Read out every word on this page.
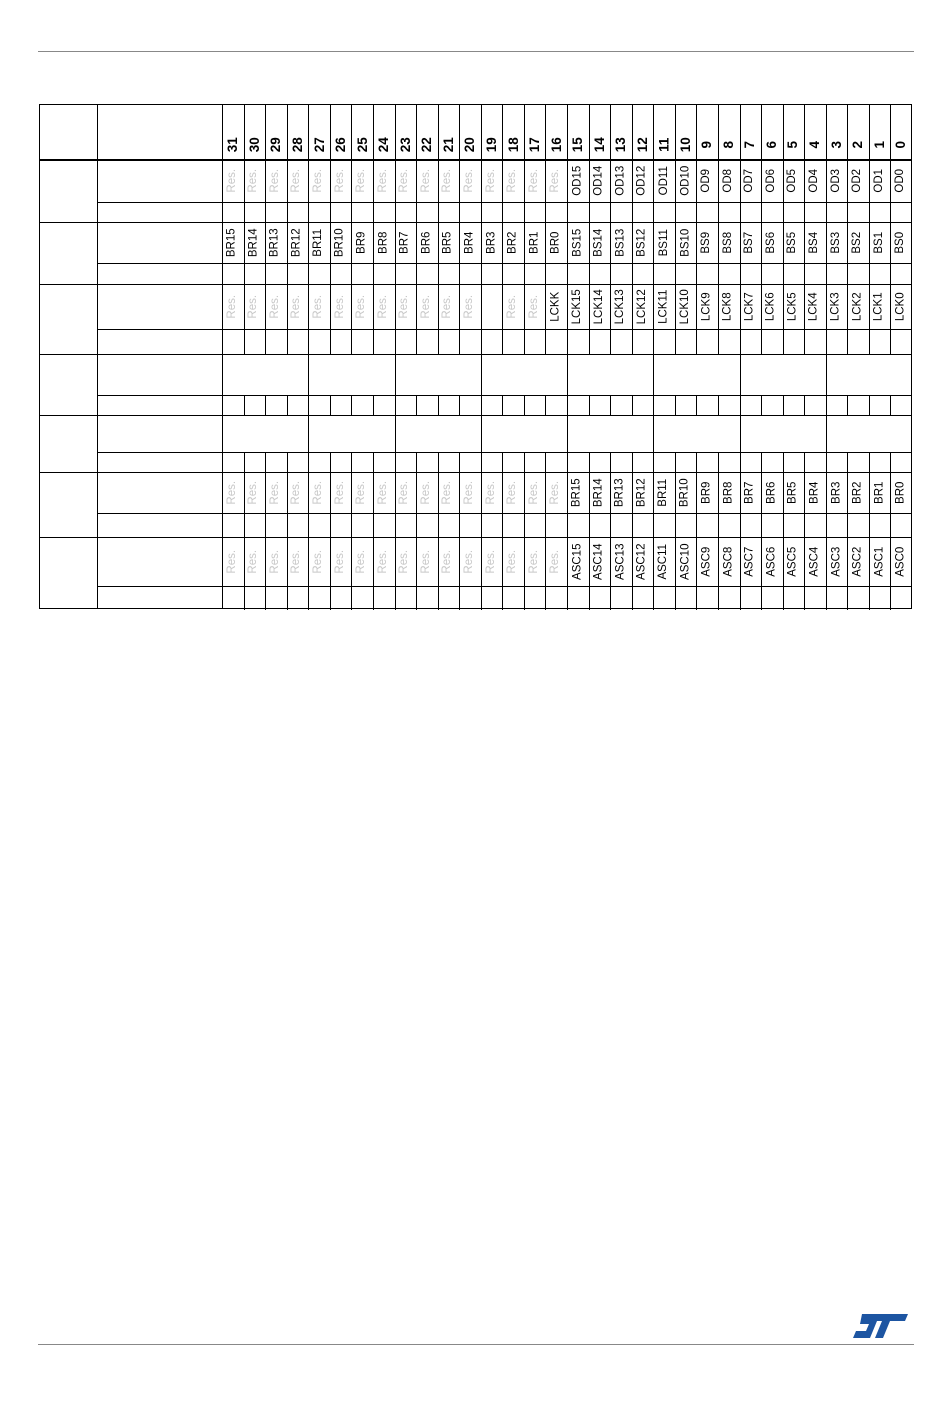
31 30 29 28 27 26 25 24 23 22 21 20 19 18 17 16 15 14 13 12 11 10 9 8 7 6 5 4 3 2 1 0
Res. Res. Res. Res. Res. Res. Res. Res. Res. Res. Res. Res. Res. Res. Res. Res. OD15 OD14 OD13 OD12 OD11 OD10 OD9 OD8 OD7 OD6 OD5 OD4 OD3 OD2 OD1 OD0
BR15 BR14 BR13 BR12 BR11 BR10 BR9 BR8 BR7 BR6 BR5 BR4 BR3 BR2 BR1 BR0 BS15 BS14 BS13 BS12 BS11 BS10 BS9 BS8 BS7 BS6 BS5 BS4 BS3 BS2 BS1 BS0
Res. Res. Res. Res. Res. Res. Res. Res. Res. Res. Res. Res.	Res. Res. LCKK LCK15 LCK14 LCK13 LCK12 LCK11 LCK10 LCK9 LCK8 LCK7 LCK6 LCK5 LCK4 LCK3 LCK2 LCK1 LCK0
Res. Res. Res. Res. Res. Res. Res. Res. Res. Res. Res. Res. Res. Res. Res. Res. BR15 BR14 BR13 BR12 BR11 BR10 BR9 BR8 BR7 BR6 BR5 BR4 BR3 BR2 BR1 BR0
Res. Res. Res. Res. Res. Res. Res. Res. Res. Res. Res. Res. Res. Res. Res. Res. ASC15 ASC14 ASC13 ASC12 ASC11 ASC10 ASC9 ASC8 ASC7 ASC6 ASC5 ASC4 ASC3 ASC2 ASC1 ASC0
